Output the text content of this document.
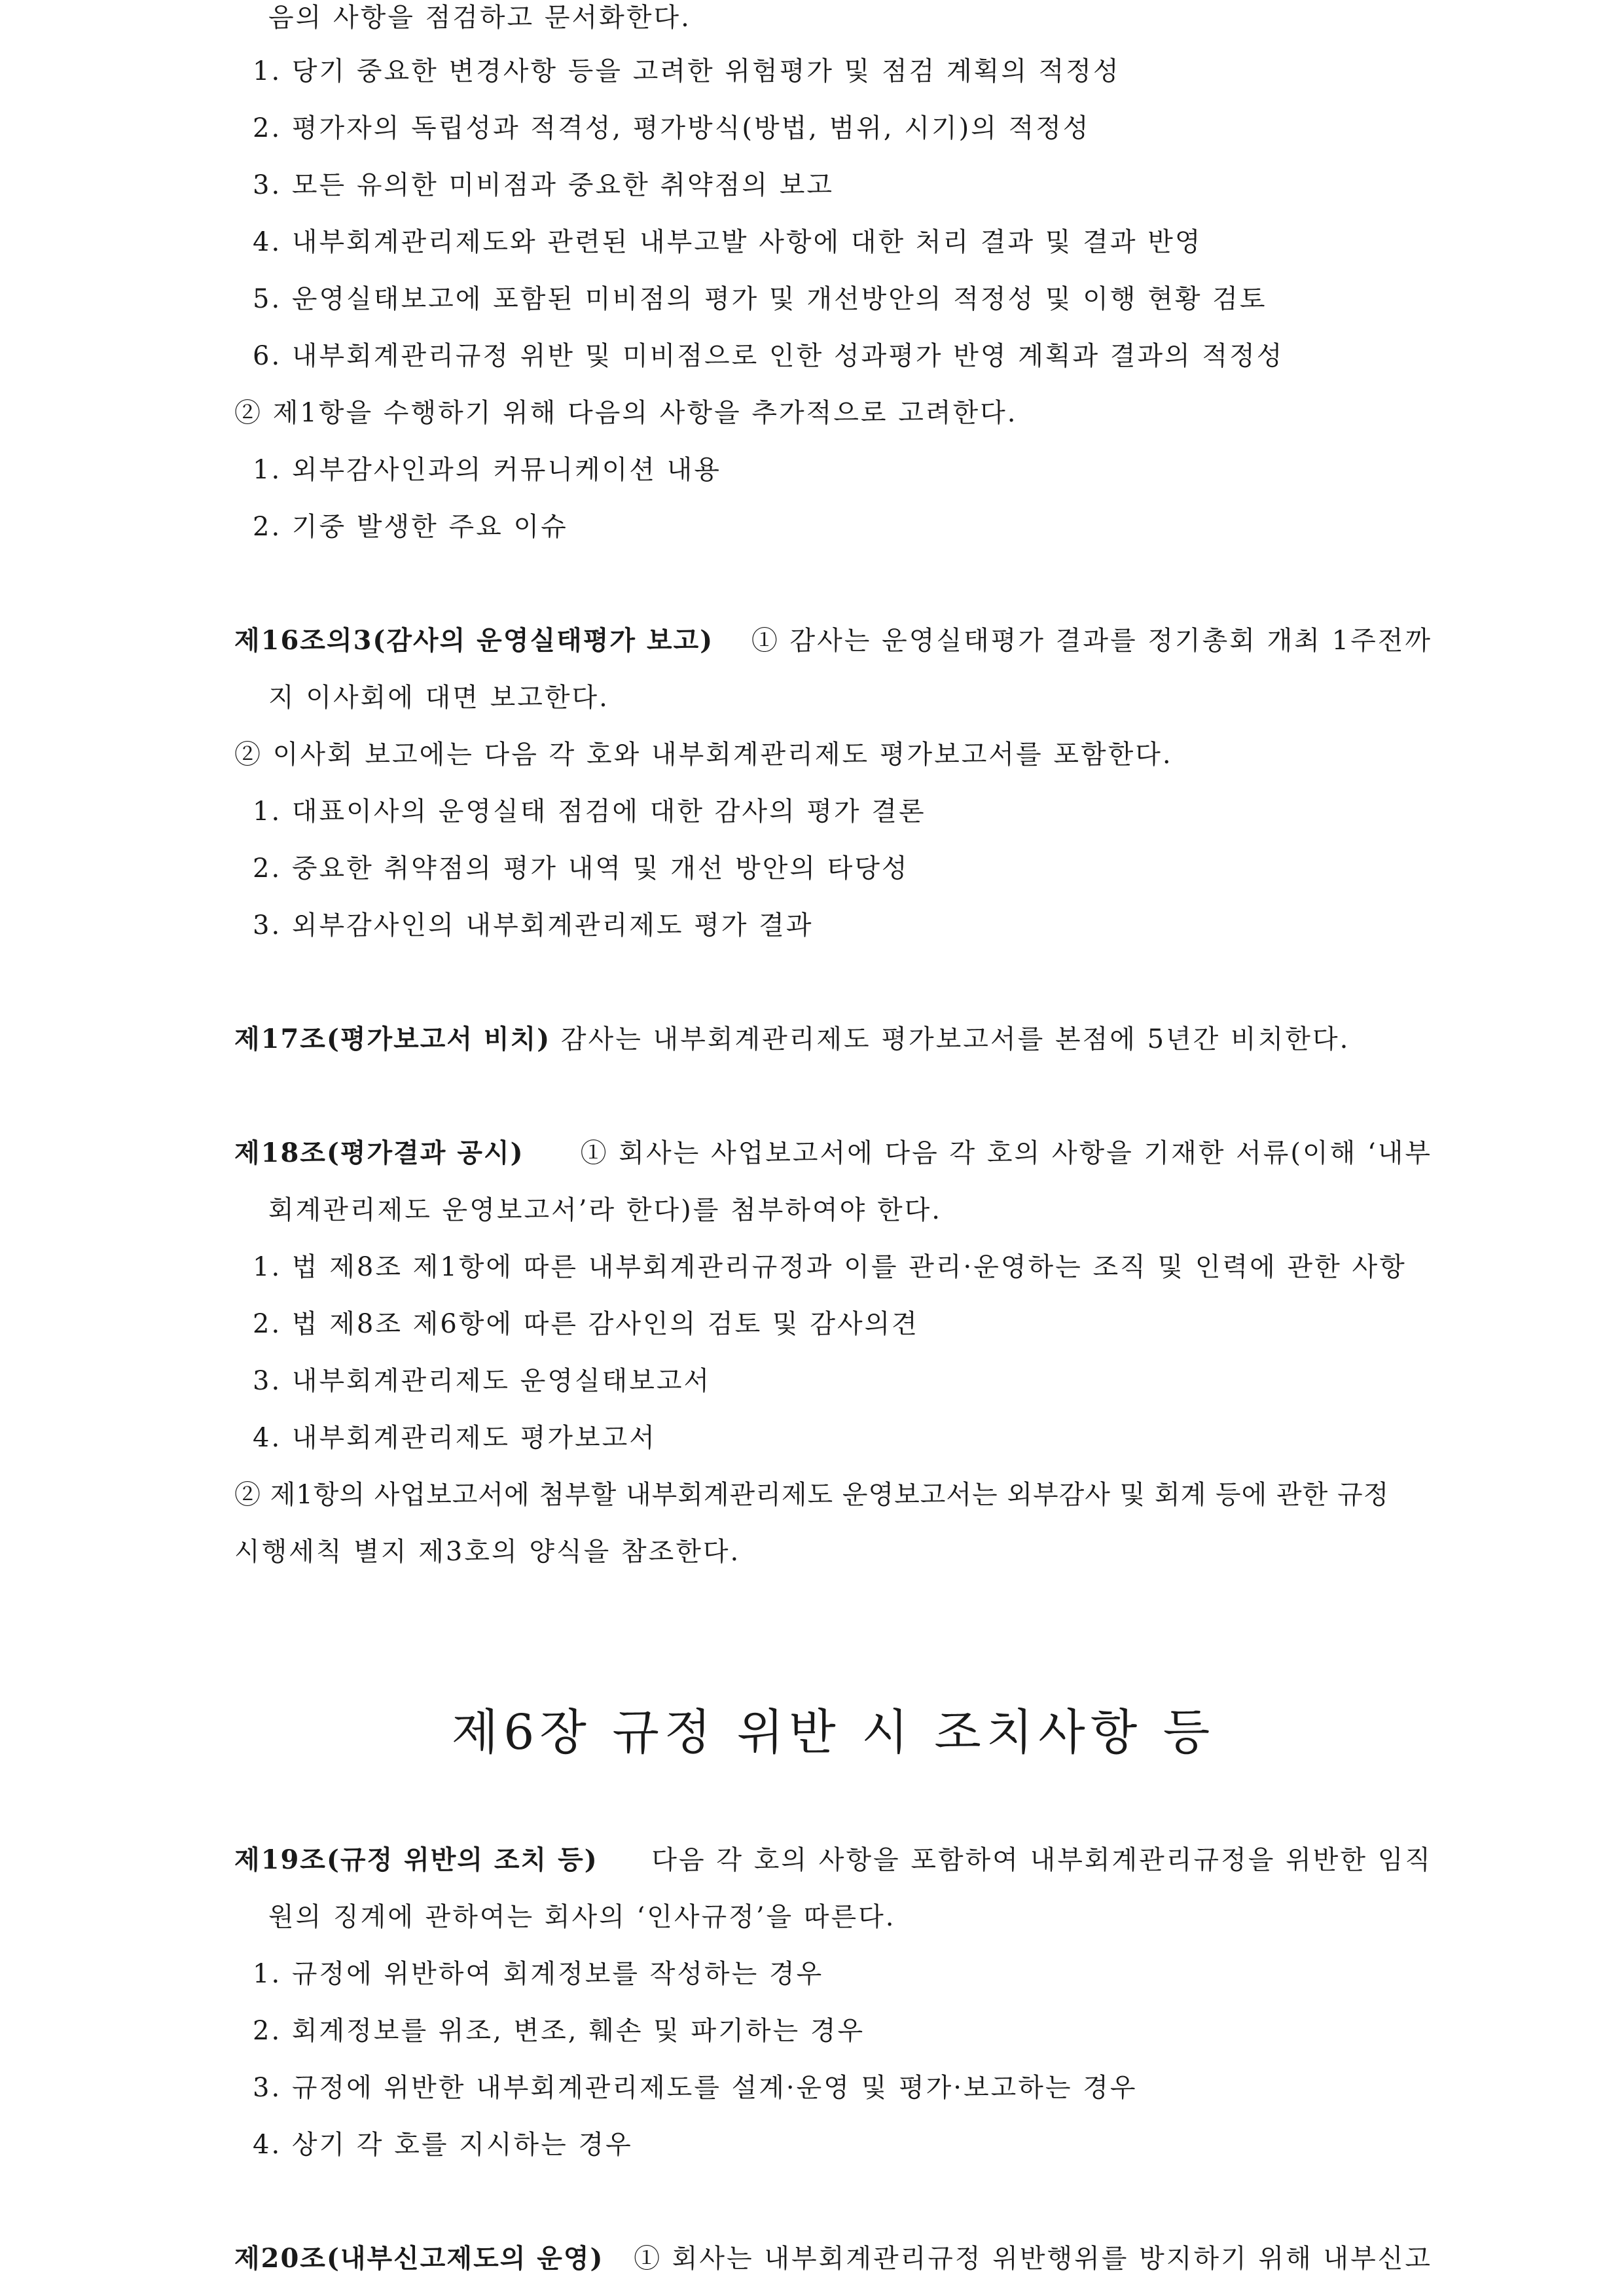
음의 사항을 점검하고 문서화한다.
1. 당기 중요한 변경사항 등을 고려한 위험평가 및 점검 계획의 적정성
2. 평가자의 독립성과 적격성, 평가방식(방법, 범위, 시기)의 적정성
3. 모든 유의한 미비점과 중요한 취약점의 보고
4. 내부회계관리제도와 관련된 내부고발 사항에 대한 처리 결과 및 결과 반영
5. 운영실태보고에 포함된 미비점의 평가 및 개선방안의 적정성 및 이행 현황 검토
6. 내부회계관리규정 위반 및 미비점으로 인한 성과평가 반영 계획과 결과의 적정성
② 제1항을 수행하기 위해 다음의 사항을 추가적으로 고려한다.
1. 외부감사인과의 커뮤니케이션 내용
2. 기중 발생한 주요 이슈
제16조의3(감사의 운영실태평가 보고) ① 감사는 운영실태평가 결과를 정기총회 개최 1주전까
지 이사회에 대면 보고한다.
② 이사회 보고에는 다음 각 호와 내부회계관리제도 평가보고서를 포함한다.
1. 대표이사의 운영실태 점검에 대한 감사의 평가 결론
2. 중요한 취약점의 평가 내역 및 개선 방안의 타당성
3. 외부감사인의 내부회계관리제도 평가 결과
제17조(평가보고서 비치) 감사는 내부회계관리제도 평가보고서를 본점에 5년간 비치한다.
제18조(평가결과 공시) ① 회사는 사업보고서에 다음 각 호의 사항을 기재한 서류(이해 ‘내부
회계관리제도 운영보고서’라 한다)를 첨부하여야 한다.
1. 법 제8조 제1항에 따른 내부회계관리규정과 이를 관리·운영하는 조직 및 인력에 관한 사항
2. 법 제8조 제6항에 따른 감사인의 검토 및 감사의견
3. 내부회계관리제도 운영실태보고서
4. 내부회계관리제도 평가보고서
② 제1항의 사업보고서에 첨부할 내부회계관리제도 운영보고서는 외부감사 및 회계 등에 관한 규정
시행세칙 별지 제3호의 양식을 참조한다.
제6장 규정 위반 시 조치사항 등
제19조(규정 위반의 조치 등) 다음 각 호의 사항을 포함하여 내부회계관리규정을 위반한 임직
원의 징계에 관하여는 회사의 ‘인사규정’을 따른다.
1. 규정에 위반하여 회계정보를 작성하는 경우
2. 회계정보를 위조, 변조, 훼손 및 파기하는 경우
3. 규정에 위반한 내부회계관리제도를 설계·운영 및 평가·보고하는 경우
4. 상기 각 호를 지시하는 경우
제20조(내부신고제도의 운영) ① 회사는 내부회계관리규정 위반행위를 방지하기 위해 내부신고
